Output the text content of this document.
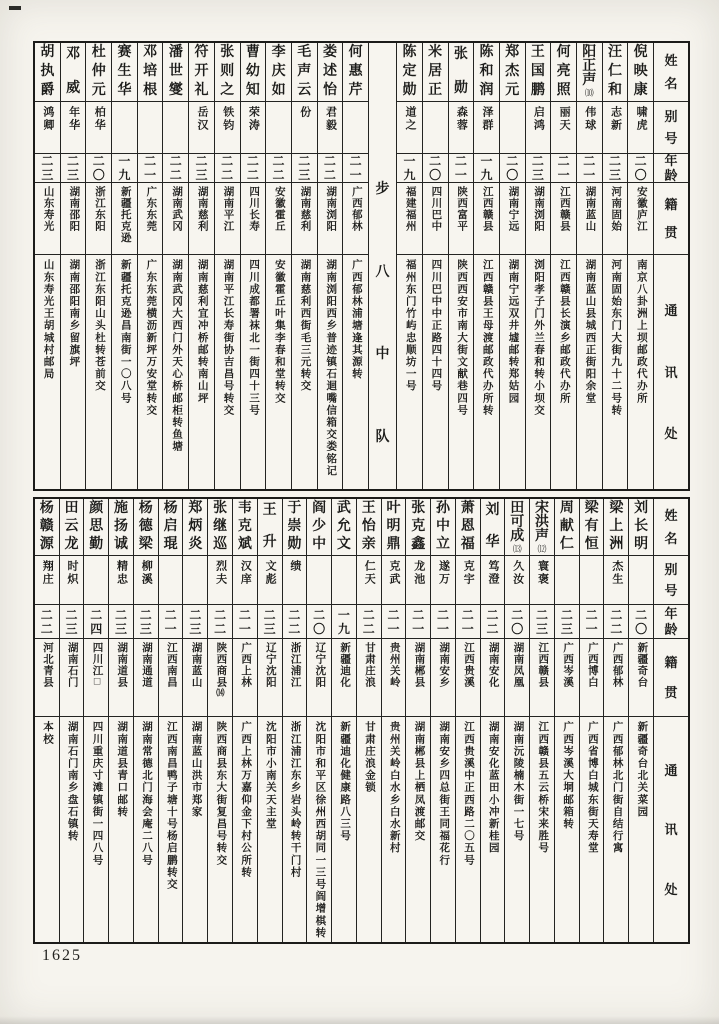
姓
名
别
号
年
龄
籍
贯
通
讯
处
倪
映
康
啸虎
二
〇
安徽庐江
南京八卦洲上坝邮政代办所
汪
仁
和
志新
二
三
河南固始
河南固始东门大街九十二号转
阳
正
声
⑽
伟球
二
一
湖南蓝山
湖南蓝山县城西正街阳余堂
何
亮
照
丽天
二
一
江西赣县
江西赣县长演乡邮政代办所
王
国
鹏
启鸿
二
三
湖南浏阳
浏阳孝子门外兰春和转小坝交
郑
杰
元
二
〇
湖南宁远
湖南宁远双井墟邮转郑姑园
陈
和
润
泽群
一
九
江西赣县
江西赣县王母渡邮政代办所转
张
勋
森蓉
二
一
陕西富平
陕西西安市南大街文献巷四号
米
居
正
二
〇
四川巴中
四川巴中中正路四十四号
陈
定
勋
道之
一
九
福建福州
福州东门竹屿忠顺坊一号
步
八
中
队
何
惠
芹
二
一
广西郁林
广西郁林浦塘逢其源转
娄
述
怡
君毅
二
二
湖南浏阳
湖南浏阳西乡普迹镇石迴嘴信箱交娄铭记
毛
声
云
份
二
三
湖南慈利
湖南慈利西街毛三元转交
李
庆
如
二
二
安徽霍丘
安徽霍丘叶集李春和堂转交
曹
幼
知
荣涛
二
二
四川长寿
四川成都署袜北一街四十三号
张
则
之
铁钧
二
二
湖南平江
湖南平江长寿街协吉昌号转交
符
开
礼
岳汉
二
三
湖南慈利
湖南慈利宜冲桥邮转南山坪
潘
世
燮
二
二
湖南武冈
湖南武冈大西门外天心桥邮柜转鱼塘
邓
培
根
二
一
广东东莞
广东东莞横沥新坪万安堂转交
赛
生
华
一
九
新疆托克逊
新疆托克逊昌南街一〇八号
杜
仲
元
柏华
二
〇
浙江东阳
浙江东阳山头杜转苍前交
邓
威
年华
二
三
湖南邵阳
湖南邵阳南乡留旗坪
胡
执
爵
鸿卿
二
三
山东寿光
山东寿光王胡城村邮局
姓
名
别
号
年
龄
籍
贯
通
讯
处
刘
长
明
二
〇
新疆奇台
新疆奇台北关菜园
梁
上
洲
杰生
二
二
广西郁林
广西郁林北门街自结行寓
梁
有
恒
二
一
广西博白
广西省博白城东街天寿堂
周
献
仁
二
三
广西岑溪
广西岑溪大垌邮箱转
宋
洪
声
⑿
寰褒
二
三
江西赣县
江西赣县五云桥宋来胜号
田
可
成
⒀
久汝
二
〇
湖南凤凰
湖南沅陵楠木街一七号
刘
华
笃澄
二
二
湖南安化
湖南安化蓝田小冲新桂园
萧
恩
福
克宇
二
一
江西贵溪
江西贵溪中正西路二〇五号
孙
中
立
遂万
二
一
湖南安乡
湖南安乡四总街王同福花行
张
克
鑫
龙池
二
一
湖南郴县
湖南郴县上栖凤渡邮交
叶
明
鼎
克武
二
一
贵州关岭
贵州关岭白水乡白水新村
王
怡
亲
仁天
二
二
甘肃庄浪
甘肃庄浪金锁
武
允
文
一
九
新疆迪化
新疆迪化健康路八三号
阎
少
中
二
〇
辽宁沈阳
沈阳市和平区徐州西胡同一三号阎增棋转
于
崇
勋
缋
二
二
浙江浦江
浙江浦江东乡岩头岭转干门村
王
升
文彪
二
三
辽宁沈阳
沈阳市小南关天主堂
韦
克
斌
汉庠
二
一
广西上林
广西上林万嘉仰金下村公所转
张
继
巡
烈夫
二
二
陕西商县⒁
陕西商县东大街复昌号转交
郑
炳
炎
二
三
湖南蓝山
湖南蓝山洪市郑家
杨
启
琨
二
一
江西南昌
江西南昌鸭子塘十号杨启鹏转交
杨
德
梁
柳溪
二
三
湖南通道
湖南常德北门海会庵二八号
施
扬
诚
精忠
二
三
湖南道县
湖南道县青口邮转
颜
思
勤
二
四
四川江□
四川重庆寸滩镇街一四八号
田
云
龙
时炽
二
三
湖南石门
湖南石门南乡盘石镇转
杨
赣
源
翔庄
二
二
河北青县
本校
1625
